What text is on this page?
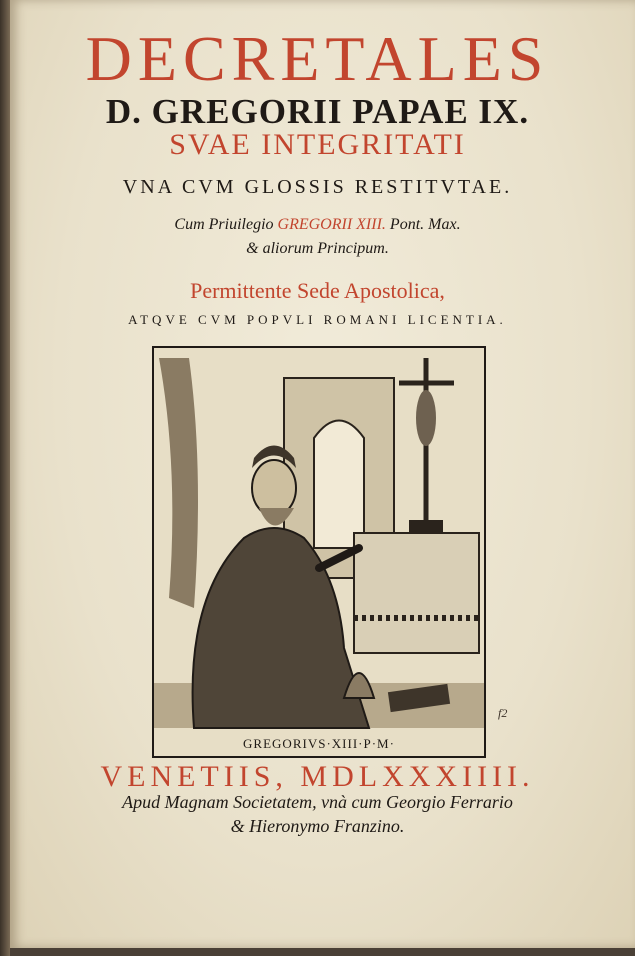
DECRETALES
D. GREGORII PAPAE IX.
SVAE INTEGRITATI
VNA CVM GLOSSIS RESTITVTAE.
Cum Priuilegio GREGORII XIII. Pont. Max.
& aliorum Principum.
Permittente Sede Apostolica,
ATQVE CVM POPVLI ROMANI LICENTIA.
GREGORIVS·XIII·P·M·
f2
VENETIIS, MDLXXXIIII.
Apud Magnam Societatem, vnà cum Georgio Ferrario
& Hieronymo Franzino.
